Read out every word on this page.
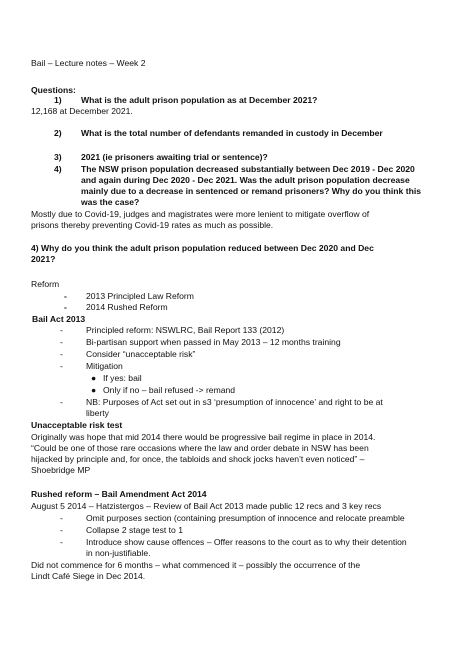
Bail – Lecture notes – Week 2
Questions:
1) What is the adult prison population as at December 2021?
12,168 at December 2021.
2) What is the total number of defendants remanded in custody in December
3) 2021 (ie prisoners awaiting trial or sentence)?
4) The NSW prison population decreased substantially between Dec 2019 - Dec 2020
and again during Dec 2020 - Dec 2021. Was the adult prison population decrease
mainly due to a decrease in sentenced or remand prisoners? Why do you think this
was the case?
Mostly due to Covid-19, judges and magistrates were more lenient to mitigate overflow of
prisons thereby preventing Covid-19 rates as much as possible.
4) Why do you think the adult prison population reduced between Dec 2020 and Dec
2021?
Reform
- 2013 Principled Law Reform
- 2014 Rushed Reform
Bail Act 2013
-	Principled reform: NSWLRC, Bail Report 133 (2012)
-	Bi-partisan support when passed in May 2013 – 12 months training
-	Consider “unacceptable risk”
-	Mitigation
● If yes: bail
● Only if no – bail refused -> remand
-	NB: Purposes of Act set out in s3 ‘presumption of innocence’ and right to be at
liberty
Unacceptable risk test
Originally was hope that mid 2014 there would be progressive bail regime in place in 2014.
“Could be one of those rare occasions where the law and order debate in NSW has been
hijacked by principle and, for once, the tabloids and shock jocks haven’t even noticed” –
Shoebridge MP
Rushed reform – Bail Amendment Act 2014
August 5 2014 – Hatzistergos – Review of Bail Act 2013 made public 12 recs and 3 key recs
-	Omit purposes section (containing presumption of innocence and relocate preamble
-	Collapse 2 stage test to 1
-	Introduce show cause offences – Offer reasons to the court as to why their detention
in non-justifiable.
Did not commence for 6 months – what commenced it – possibly the occurrence of the
Lindt Café Siege in Dec 2014.
